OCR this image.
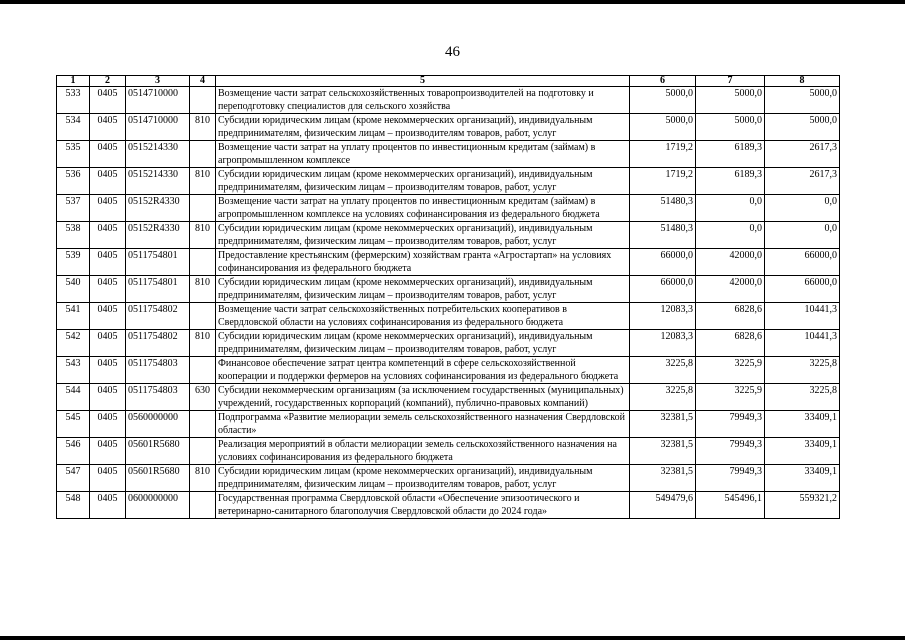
46
1	2	3	4	5	6	7	8
533	0405	0514710000		Возмещение части затрат сельскохозяйственных товаропроизводителей на подготовку и переподготовку специалистов для сельского хозяйства	5000,0	5000,0	5000,0
534	0405	0514710000	810	Субсидии юридическим лицам (кроме некоммерческих организаций), индивидуальным предпринимателям, физическим лицам – производителям товаров, работ, услуг	5000,0	5000,0	5000,0
535	0405	0515214330		Возмещение части затрат на уплату процентов по инвестиционным кредитам (займам) в агропромышленном комплексе	1719,2	6189,3	2617,3
536	0405	0515214330	810	Субсидии юридическим лицам (кроме некоммерческих организаций), индивидуальным предпринимателям, физическим лицам – производителям товаров, работ, услуг	1719,2	6189,3	2617,3
537	0405	05152R4330		Возмещение части затрат на уплату процентов по инвестиционным кредитам (займам) в агропромышленном комплексе на условиях софинансирования из федерального бюджета	51480,3	0,0	0,0
538	0405	05152R4330	810	Субсидии юридическим лицам (кроме некоммерческих организаций), индивидуальным предпринимателям, физическим лицам – производителям товаров, работ, услуг	51480,3	0,0	0,0
539	0405	0511754801		Предоставление крестьянским (фермерским) хозяйствам гранта «Агростартап» на условиях софинансирования из федерального бюджета	66000,0	42000,0	66000,0
540	0405	0511754801	810	Субсидии юридическим лицам (кроме некоммерческих организаций), индивидуальным предпринимателям, физическим лицам – производителям товаров, работ, услуг	66000,0	42000,0	66000,0
541	0405	0511754802		Возмещение части затрат сельскохозяйственных потребительских кооперативов в Свердловской области на условиях софинансирования из федерального бюджета	12083,3	6828,6	10441,3
542	0405	0511754802	810	Субсидии юридическим лицам (кроме некоммерческих организаций), индивидуальным предпринимателям, физическим лицам – производителям товаров, работ, услуг	12083,3	6828,6	10441,3
543	0405	0511754803		Финансовое обеспечение затрат центра компетенций в сфере сельскохозяйственной кооперации и поддержки фермеров на условиях софинансирования из федерального бюджета	3225,8	3225,9	3225,8
544	0405	0511754803	630	Субсидии некоммерческим организациям (за исключением государственных (муниципальных) учреждений, государственных корпораций (компаний), публично-правовых компаний)	3225,8	3225,9	3225,8
545	0405	0560000000		Подпрограмма «Развитие мелиорации земель сельскохозяйственного назначения Свердловской области»	32381,5	79949,3	33409,1
546	0405	05601R5680		Реализация мероприятий в области мелиорации земель сельскохозяйственного назначения на условиях софинансирования из федерального бюджета	32381,5	79949,3	33409,1
547	0405	05601R5680	810	Субсидии юридическим лицам (кроме некоммерческих организаций), индивидуальным предпринимателям, физическим лицам – производителям товаров, работ, услуг	32381,5	79949,3	33409,1
548	0405	0600000000		Государственная программа Свердловской области «Обеспечение эпизоотического и ветеринарно-санитарного благополучия Свердловской области до 2024 года»	549479,6	545496,1	559321,2
